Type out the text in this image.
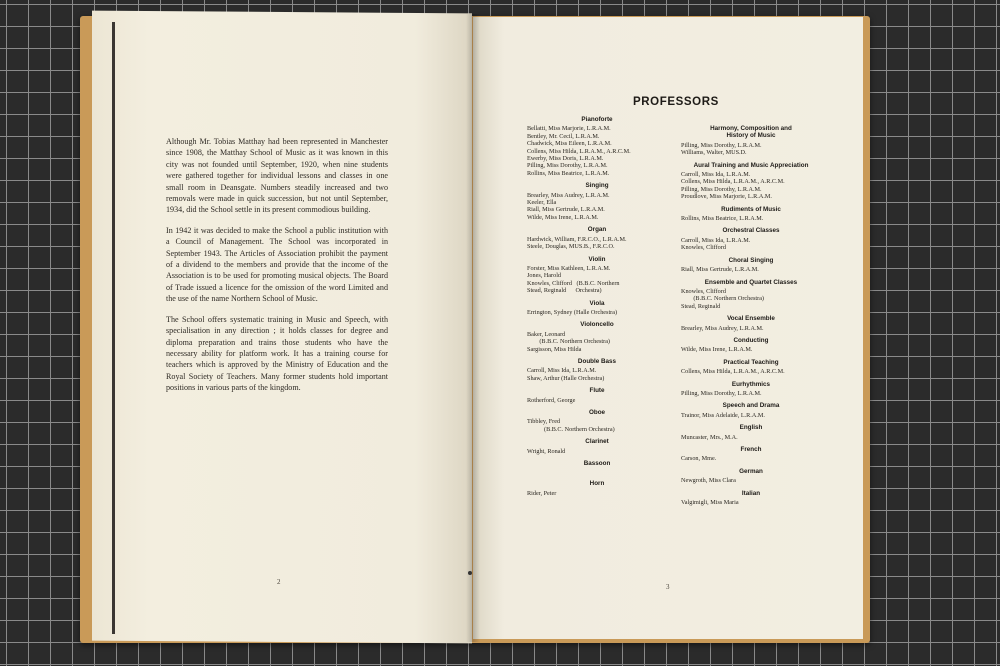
Although Mr. Tobias Matthay had been represented in Manchester since 1908, the Matthay School of Music as it was known in this city was not founded until September, 1920, when nine students were gathered together for individual lessons and classes in one small room in Deansgate. Numbers steadily increased and two removals were made in quick succession, but not until September, 1934, did the School settle in its present commodious building.

In 1942 it was decided to make the School a public institution with a Council of Management. The School was incorporated in September 1943. The Articles of Association prohibit the payment of a dividend to the members and provide that the income of the Association is to be used for promoting musical objects. The Board of Trade issued a licence for the omission of the word Limited and the use of the name Northern School of Music.

The School offers systematic training in Music and Speech, with specialisation in any direction ; it holds classes for degree and diploma preparation and trains those students who have the necessary ability for platform work. It has a training course for teachers which is approved by the Ministry of Education and the Royal Society of Teachers. Many former students hold important positions in various parts of the kingdom.

2
PROFESSORS
Pianoforte
Bellatti, Miss Marjorie, L.R.A.M.
Bentley, Mr. Cecil, L.R.A.M.
Chadwick, Miss Eileen, L.R.A.M.
Collens, Miss Hilda, L.R.A.M., A.R.C.M.
Ewerby, Miss Doris, L.R.A.M.
Pilling, Miss Dorothy, L.R.A.M.
Rollins, Miss Beatrice, L.R.A.M.
Singing
Brearley, Miss Audrey, L.R.A.M.
Keeler, Ella
Riall, Miss Gertrude, L.R.A.M.
Wilde, Miss Irene, L.R.A.M.
Organ
Hardwick, William, F.R.C.O., L.R.A.M.
Steele, Douglas, MUS.B., F.R.C.O.
Violin
Forster, Miss Kathleen, L.R.A.M.
Jones, Harold
Knowles, Clifford   (B.B.C. Northern
Stead, Reginald      Orchestra)
Viola
Errington, Sydney (Halle Orchestra)
Violoncello
Baker, Leonard
(B.B.C. Northern Orchestra)
Sargisson, Miss Hilda
Double Bass
Carroll, Miss Ida, L.R.A.M.
Shaw, Arthur (Halle Orchestra)
Flute
Rotherford, George
Oboe
Tibbley, Fred
(B.B.C. Northern Orchestra)
Clarinet
Wright, Ronald
Bassoon
Horn
Rider, Peter
Harmony, Composition and
History of Music
Pilling, Miss Dorothy, L.R.A.M.
Williams, Walter, MUS.D.
Aural Training and Music Appreciation
Carroll, Miss Ida, L.R.A.M.
Collens, Miss Hilda, L.R.A.M., A.R.C.M.
Pilling, Miss Dorothy, L.R.A.M.
Proudlove, Miss Marjorie, L.R.A.M.
Rudiments of Music
Rollins, Miss Beatrice, L.R.A.M.
Orchestral Classes
Carroll, Miss Ida, L.R.A.M.
Knowles, Clifford
Choral Singing
Riall, Miss Gertrude, L.R.A.M.
Ensemble and Quartet Classes
Knowles, Clifford
(B.B.C. Northern Orchestra)
Stead, Reginald
Vocal Ensemble
Brearley, Miss Audrey, L.R.A.M.
Conducting
Wilde, Miss Irene, L.R.A.M.
Practical Teaching
Collens, Miss Hilda, L.R.A.M., A.R.C.M.
Eurhythmics
Pilling, Miss Dorothy, L.R.A.M.
Speech and Drama
Trainor, Miss Adelaide, L.R.A.M.
English
Muncaster, Mrs., M.A.
French
Carson, Mme.
German
Newgroth, Miss Clara
Italian
Valgimigli, Miss Maria
3
